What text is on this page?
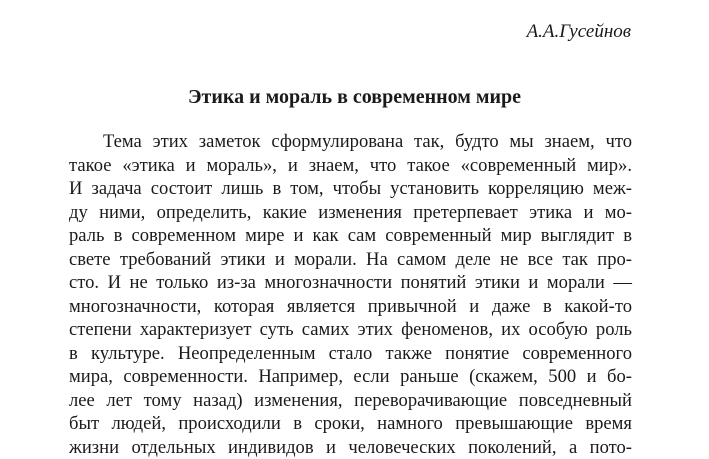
А.А.Гусейнов
Этика и мораль в современном мире
Тема этих заметок сформулирована так, будто мы знаем, что
такое «этика и мораль», и знаем, что такое «современный мир».
И задача состоит лишь в том, чтобы установить корреляцию меж-
ду ними, определить, какие изменения претерпевает этика и мо-
раль в современном мире и как сам современный мир выглядит в
свете требований этики и морали. На самом деле не все так про-
сто. И не только из-за многозначности понятий этики и морали —
многозначности, которая является привычной и даже в какой-то
степени характеризует суть самих этих феноменов, их особую роль
в культуре. Неопределенным стало также понятие современного
мира, современности. Например, если раньше (скажем, 500 и бо-
лее лет тому назад) изменения, переворачивающие повседневный
быт людей, происходили в сроки, намного превышающие время
жизни отдельных индивидов и человеческих поколений, а пото-
